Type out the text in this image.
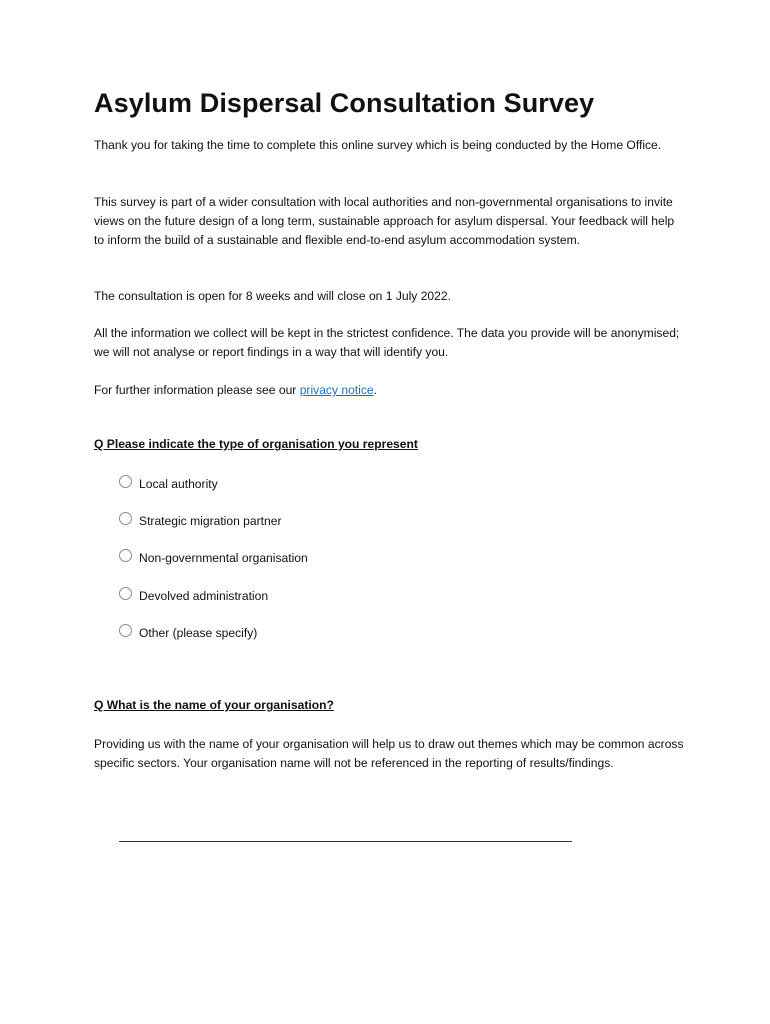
Asylum Dispersal Consultation Survey

Thank you for taking the time to complete this online survey which is being conducted by the Home Office.

This survey is part of a wider consultation with local authorities and non-governmental organisations to invite views on the future design of a long term, sustainable approach for asylum dispersal. Your feedback will help to inform the build of a sustainable and flexible end-to-end asylum accommodation system.

The consultation is open for 8 weeks and will close on 1 July 2022.

All the information we collect will be kept in the strictest confidence. The data you provide will be anonymised; we will not analyse or report findings in a way that will identify you.

For further information please see our privacy notice.

Q Please indicate the type of organisation you represent

Local authority
Strategic migration partner
Non-governmental organisation
Devolved administration
Other (please specify)

Q What is the name of your organisation?

Providing us with the name of your organisation will help us to draw out themes which may be common across specific sectors. Your organisation name will not be referenced in the reporting of results/findings.
